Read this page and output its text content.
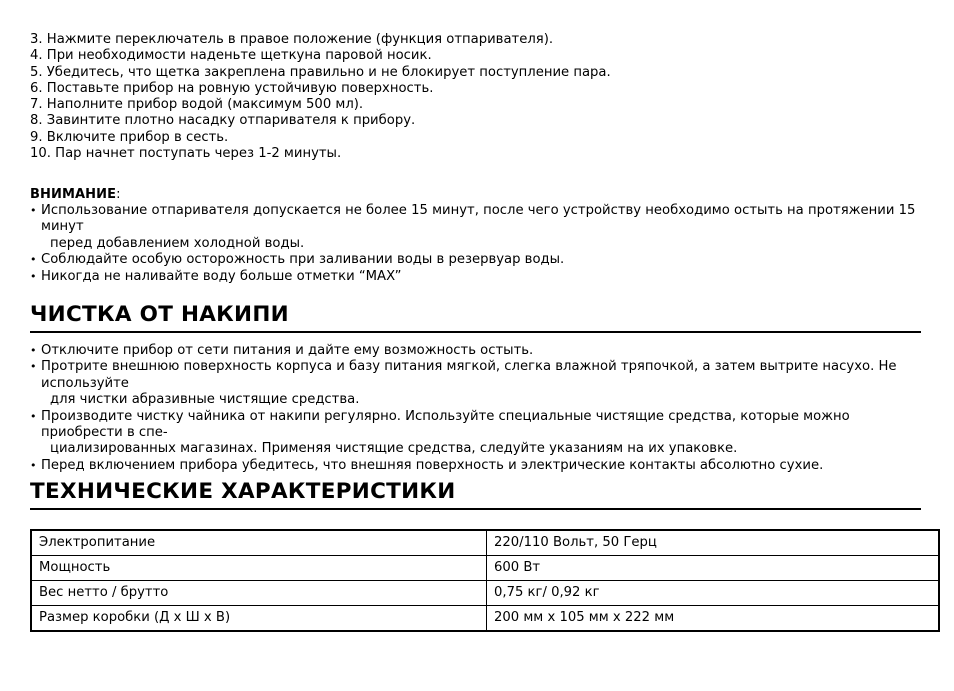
3. Нажмите переключатель в правое положение (функция отпаривателя).
4. При необходимости наденьте щеткуна паровой носик.
5. Убедитесь, что щетка закреплена правильно и не блокирует поступление пара.
6. Поставьте прибор на ровную устойчивую поверхность.
7. Наполните прибор водой (максимум 500 мл).
8. Завинтите плотно насадку отпаривателя к прибору.
9. Включите прибор в сесть.
10. Пар начнет поступать через 1-2 минуты.
ВНИМАНИЕ:
• Использование отпаривателя допускается не более 15 минут, после чего устройству необходимо остыть на протяжении 15 минут
перед добавлением холодной воды.
• Соблюдайте особую осторожность при заливании воды в резервуар воды.
• Никогда не наливайте воду больше отметки “MAX”
ЧИСТКА ОТ НАКИПИ
• Отключите прибор от сети питания и дайте ему возможность остыть.
• Протрите внешнюю поверхность корпуса и базу питания мягкой, слегка влажной тряпочкой, а затем вытрите насухо. Не используйте
для чистки абразивные чистящие средства.
• Производите чистку чайника от накипи регулярно. Используйте специальные чистящие средства, которые можно приобрести в спе-
циализированных магазинах. Применяя чистящие средства, следуйте указаниям на их упаковке.
• Перед включением прибора убедитесь, что внешняя поверхность и электрические контакты абсолютно сухие.
ТЕХНИЧЕСКИЕ ХАРАКТЕРИСТИКИ
Электропитание	220/110 Вольт, 50 Герц
Мощность	600 Вт
Вес нетто / брутто	0,75 кг/ 0,92 кг
Размер коробки (Д х Ш х В)	200 мм х 105 мм х 222 мм
